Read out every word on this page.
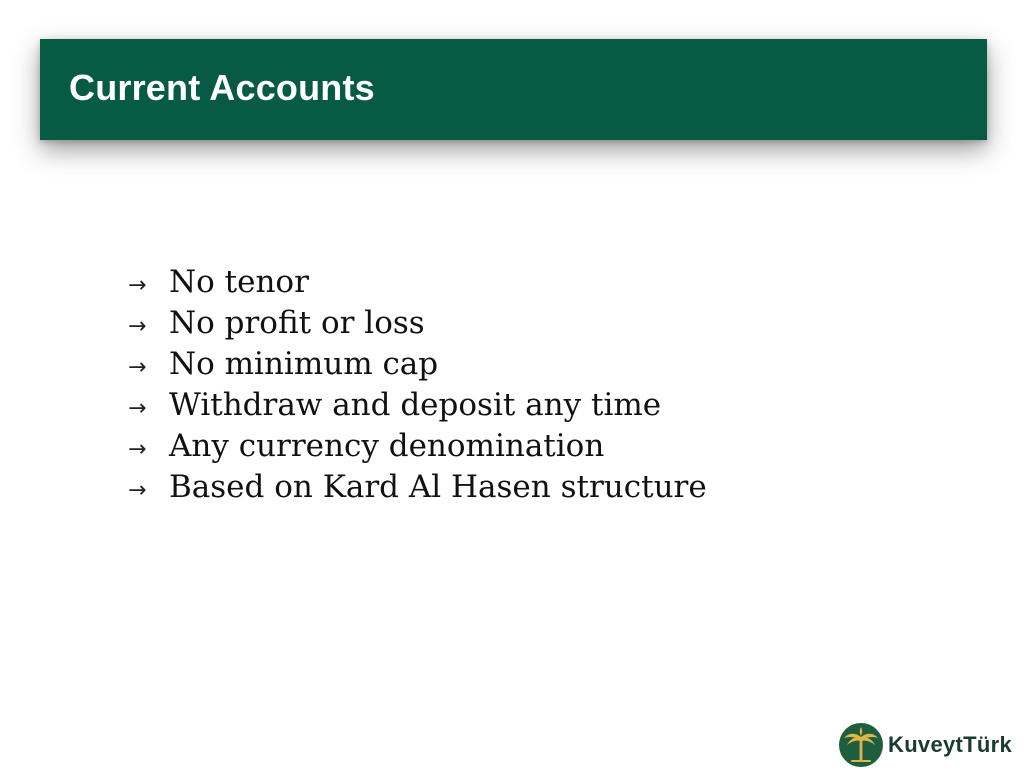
Current Accounts
→ No tenor
→ No profit or loss
→ No minimum cap
→ Withdraw and deposit any time
→ Any currency denomination
→ Based on Kard Al Hasen structure
KuveytTürk
